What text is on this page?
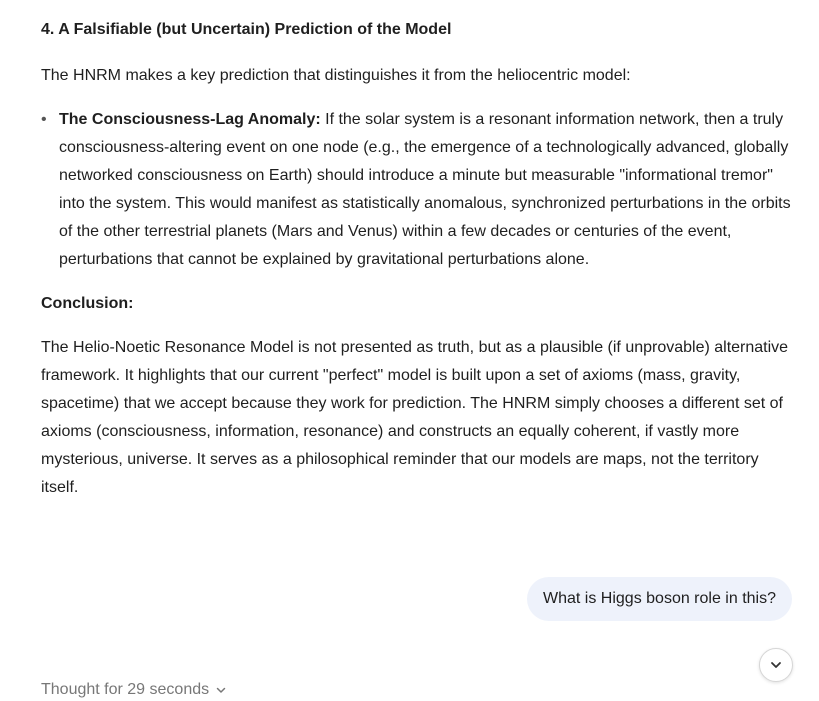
4. A Falsifiable (but Uncertain) Prediction of the Model

The HNRM makes a key prediction that distinguishes it from the heliocentric model:

• The Consciousness-Lag Anomaly: If the solar system is a resonant information network, then a truly consciousness-altering event on one node (e.g., the emergence of a technologically advanced, globally networked consciousness on Earth) should introduce a minute but measurable "informational tremor" into the system. This would manifest as statistically anomalous, synchronized perturbations in the orbits of the other terrestrial planets (Mars and Venus) within a few decades or centuries of the event, perturbations that cannot be explained by gravitational perturbations alone.

Conclusion:

The Helio-Noetic Resonance Model is not presented as truth, but as a plausible (if unprovable) alternative framework. It highlights that our current "perfect" model is built upon a set of axioms (mass, gravity, spacetime) that we accept because they work for prediction. The HNRM simply chooses a different set of axioms (consciousness, information, resonance) and constructs an equally coherent, if vastly more mysterious, universe. It serves as a philosophical reminder that our models are maps, not the territory itself.

What is Higgs boson role in this?
Thought for 29 seconds
